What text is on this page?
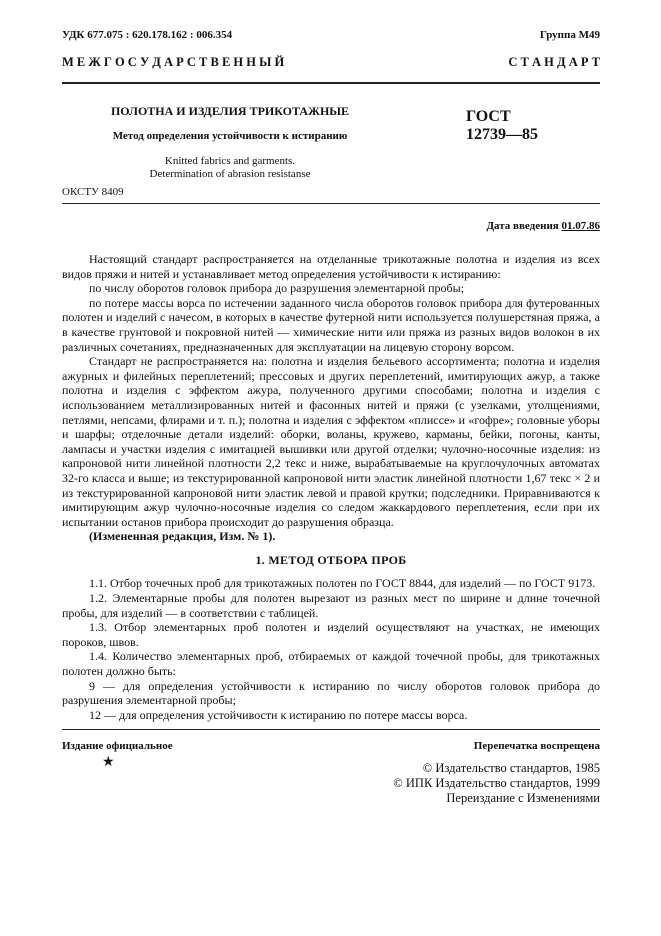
УДК 677.075 : 620.178.162 : 006.354	Группа М49
М Е Ж Г О С У Д А Р С Т В Е Н Н Ы Й	С Т А Н Д А Р Т
ПОЛОТНА И ИЗДЕЛИЯ ТРИКОТАЖНЫЕ
Метод определения устойчивости к истиранию
Knitted fabrics and garments.
Determination of abrasion resistanse
ГОСТ
12739—85
ОКСТУ 8409
Дата введения 01.07.86

Настоящий стандарт распространяется на отделанные трикотажные полотна и изделия из всех видов пряжи и нитей и устанавливает метод определения устойчивости к истиранию:

по числу оборотов головок прибора до разрушения элементарной пробы;

по потере массы ворса по истечении заданного числа оборотов головок прибора для футерованных полотен и изделий с начесом, в которых в качестве футерной нити используется полушерстяная пряжа, а в качестве грунтовой и покровной нитей — химические нити или пряжа из разных видов волокон в их различных сочетаниях, предназначенных для эксплуатации на лицевую сторону ворсом.

Стандарт не распространяется на: полотна и изделия бельевого ассортимента; полотна и изделия ажурных и филейных переплетений; прессовых и других переплетений, имитирующих ажур, а также полотна и изделия с эффектом ажура, полученного другими способами; полотна и изделия с использованием металлизированных нитей и фасонных нитей и пряжи (с узелками, утолщениями, петлями, непсами, флирами и т. п.); полотна и изделия с эффектом «плиссе» и «гофре»; головные уборы и шарфы; отделочные детали изделий: оборки, воланы, кружево, карманы, бейки, погоны, канты, лампасы и участки изделия с имитацией вышивки или другой отделки; чулочно-носочные изделия: из капроновой нити линейной плотности 2,2 текс и ниже, вырабатываемые на круглочулочных автоматах 32-го класса и выше; из текстурированной капроновой нити эластик линейной плотности 1,67 текс × 2 и из текстурированной капроновой нити эластик левой и правой крутки; подследники. Приравниваются к имитирующим ажур чулочно-носочные изделия со следом жаккардового переплетения, если при их испытании останов прибора происходит до разрушения образца.

(Измененная редакция, Изм. № 1).

1. МЕТОД ОТБОРА ПРОБ

1.1. Отбор точечных проб для трикотажных полотен по ГОСТ 8844, для изделий — по ГОСТ 9173.

1.2. Элементарные пробы для полотен вырезают из разных мест по ширине и длине точечной пробы, для изделий — в соответствии с таблицей.

1.3. Отбор элементарных проб полотен и изделий осуществляют на участках, не имеющих пороков, швов.

1.4. Количество элементарных проб, отбираемых от каждой точечной пробы, для трикотажных полотен должно быть:

9 — для определения устойчивости к истиранию по числу оборотов головок прибора до разрушения элементарной пробы;

12 — для определения устойчивости к истиранию по потере массы ворса.

Издание официальное	Перепечатка воспрещена
★	© Издательство стандартов, 1985
© ИПК Издательство стандартов, 1999
Переиздание с Изменениями
